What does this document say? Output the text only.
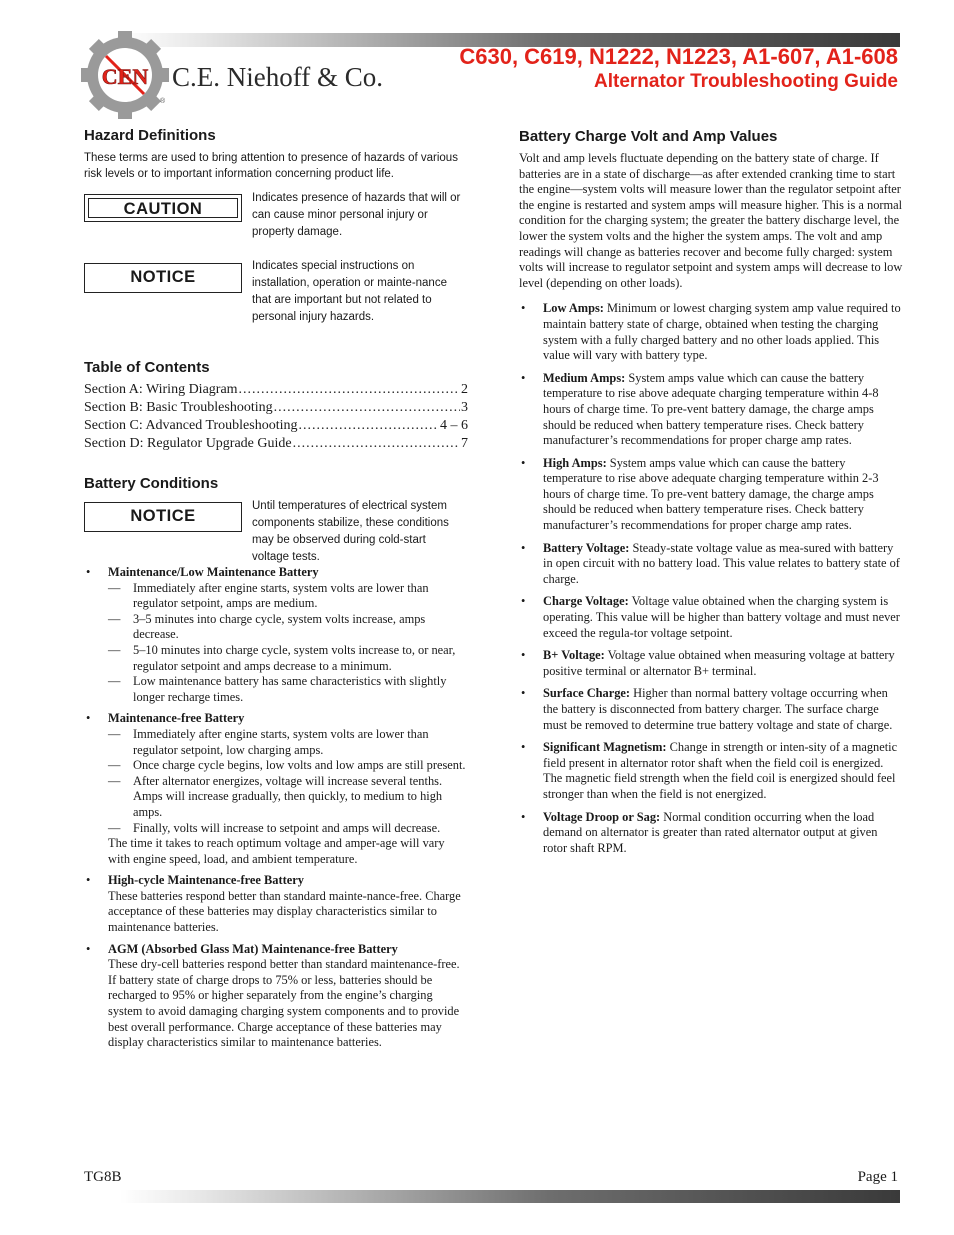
CEN C.E. Niehoff & Co.
®
C630, C619, N1222, N1223, A1-607, A1-608
Alternator Troubleshooting Guide
Hazard Definitions

These terms are used to bring attention to presence of hazards of various risk levels or to important information concerning product life.

CAUTION
Indicates presence of hazards that will or can cause minor personal injury or property damage.
NOTICE
Indicates special instructions on installation, operation or mainte-nance that are important but not related to personal injury hazards.
Table of Contents
Section A: Wiring Diagram .....	2
Section B: Basic Troubleshooting .....	3
Section C: Advanced Troubleshooting .....	4 – 6
Section D: Regulator Upgrade Guide .....	7
Battery Conditions
NOTICE
Until temperatures of electrical system components stabilize, these conditions may be observed during cold-start voltage tests.
• Maintenance/Low Maintenance Battery
— Immediately after engine starts, system volts are lower than regulator setpoint, amps are medium.
— 3–5 minutes into charge cycle, system volts increase, amps decrease.
— 5–10 minutes into charge cycle, system volts increase to, or near, regulator setpoint and amps decrease to a minimum.
— Low maintenance battery has same characteristics with slightly longer recharge times.
• Maintenance-free Battery
— Immediately after engine starts, system volts are lower than regulator setpoint, low charging amps.
— Once charge cycle begins, low volts and low amps are still present.
— After alternator energizes, voltage will increase several tenths. Amps will increase gradually, then quickly, to medium to high amps.
— Finally, volts will increase to setpoint and amps will decrease.
The time it takes to reach optimum voltage and amper-age will vary with engine speed, load, and ambient temperature.
• High-cycle Maintenance-free Battery
These batteries respond better than standard mainte-nance-free. Charge acceptance of these batteries may display characteristics similar to maintenance batteries.
• AGM (Absorbed Glass Mat) Maintenance-free Battery
These dry-cell batteries respond better than standard maintenance-free. If battery state of charge drops to 75% or less, batteries should be recharged to 95% or higher separately from the engine’s charging system to avoid damaging charging system components and to provide best overall performance. Charge acceptance of these batteries may display characteristics similar to maintenance batteries.
Battery Charge Volt and Amp Values

Volt and amp levels fluctuate depending on the battery state of charge. If batteries are in a state of discharge—as after extended cranking time to start the engine—system volts will measure lower than the regulator setpoint after the engine is restarted and system amps will measure higher. This is a normal condition for the charging system; the greater the battery discharge level, the lower the system volts and the higher the system amps. The volt and amp readings will change as batteries recover and become fully charged: system volts will increase to regulator setpoint and system amps will decrease to low level (depending on other loads).

• Low Amps: Minimum or lowest charging system amp value required to maintain battery state of charge, obtained when testing the charging system with a fully charged battery and no other loads applied. This value will vary with battery type.
• Medium Amps: System amps value which can cause the battery temperature to rise above adequate charging temperature within 4-8 hours of charge time. To pre-vent battery damage, the charge amps should be reduced when battery temperature rises. Check battery manufacturer’s recommendations for proper charge amp rates.
• High Amps: System amps value which can cause the battery temperature to rise above adequate charging temperature within 2-3 hours of charge time. To pre-vent battery damage, the charge amps should be reduced when battery temperature rises. Check battery manufacturer’s recommendations for proper charge amp rates.
• Battery Voltage: Steady-state voltage value as mea-sured with battery in open circuit with no battery load. This value relates to battery state of charge.
• Charge Voltage: Voltage value obtained when the charging system is operating. This value will be higher than battery voltage and must never exceed the regula-tor voltage setpoint.
• B+ Voltage: Voltage value obtained when measuring voltage at battery positive terminal or alternator B+ terminal.
• Surface Charge: Higher than normal battery voltage occurring when the battery is disconnected from battery charger. The surface charge must be removed to determine true battery voltage and state of charge.
• Significant Magnetism: Change in strength or inten-sity of a magnetic field present in alternator rotor shaft when the field coil is energized. The magnetic field strength when the field coil is energized should feel stronger than when the field is not energized.
• Voltage Droop or Sag: Normal condition occurring when the load demand on alternator is greater than rated alternator output at given rotor shaft RPM.
TG8B	Page 1
